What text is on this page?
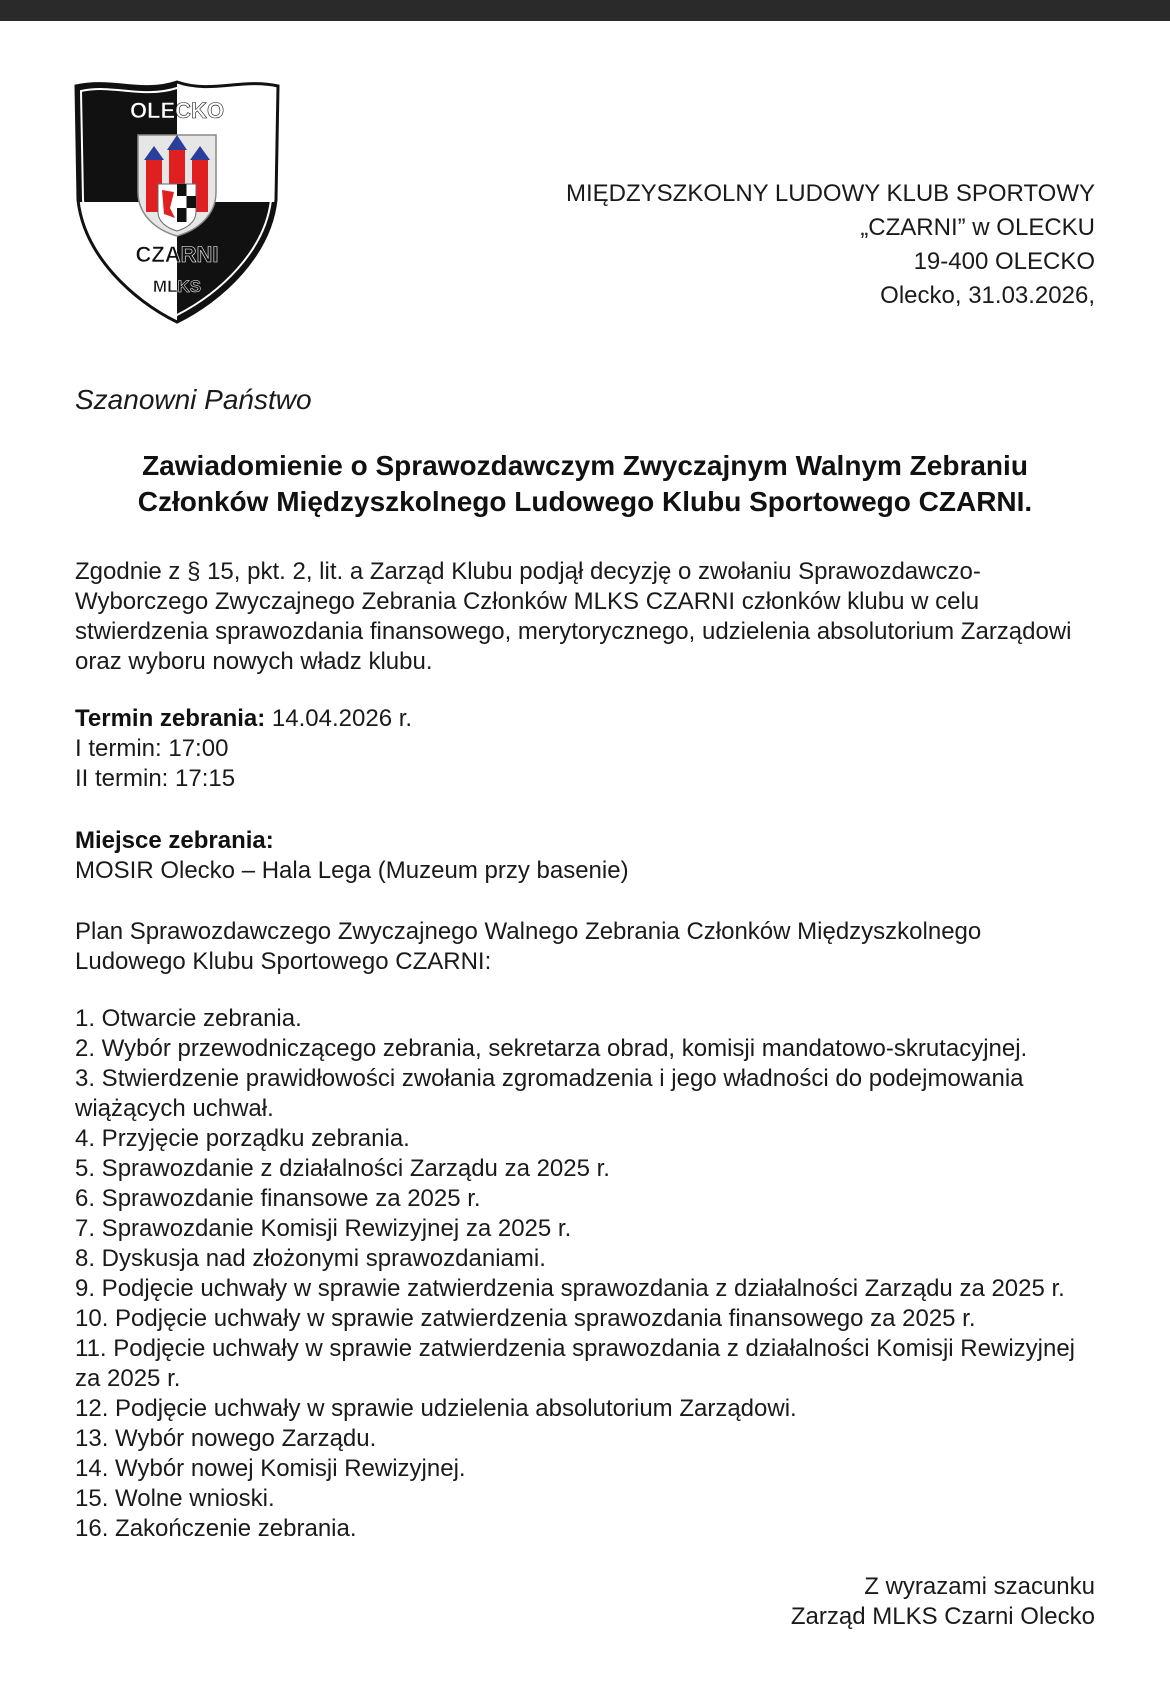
OLECKO
CZARNI
MLKS
MIĘDZYSZKOLNY LUDOWY KLUB SPORTOWY
„CZARNI” w OLECKU
19-400 OLECKO
Olecko, 31.03.2026,
Szanowni Państwo
Zawiadomienie o Sprawozdawczym Zwyczajnym Walnym Zebraniu
Członków Międzyszkolnego Ludowego Klubu Sportowego CZARNI.
Zgodnie z § 15, pkt. 2, lit. a Zarząd Klubu podjął decyzję o zwołaniu Sprawozdawczo-
Wyborczego Zwyczajnego Zebrania Członków MLKS CZARNI członków klubu w celu
stwierdzenia sprawozdania finansowego, merytorycznego, udzielenia absolutorium Zarządowi
oraz wyboru nowych władz klubu.
Termin zebrania: 14.04.2026 r.
I termin: 17:00
II termin: 17:15
Miejsce zebrania:
MOSIR Olecko – Hala Lega (Muzeum przy basenie)
Plan Sprawozdawczego Zwyczajnego Walnego Zebrania Członków Międzyszkolnego
Ludowego Klubu Sportowego CZARNI:
1. Otwarcie zebrania.
2. Wybór przewodniczącego zebrania, sekretarza obrad, komisji mandatowo-skrutacyjnej.
3. Stwierdzenie prawidłowości zwołania zgromadzenia i jego władności do podejmowania
wiążących uchwał.
4. Przyjęcie porządku zebrania.
5. Sprawozdanie z działalności Zarządu za 2025 r.
6. Sprawozdanie finansowe za 2025 r.
7. Sprawozdanie Komisji Rewizyjnej za 2025 r.
8. Dyskusja nad złożonymi sprawozdaniami.
9. Podjęcie uchwały w sprawie zatwierdzenia sprawozdania z działalności Zarządu za 2025 r.
10. Podjęcie uchwały w sprawie zatwierdzenia sprawozdania finansowego za 2025 r.
11. Podjęcie uchwały w sprawie zatwierdzenia sprawozdania z działalności Komisji Rewizyjnej
za 2025 r.
12. Podjęcie uchwały w sprawie udzielenia absolutorium Zarządowi.
13. Wybór nowego Zarządu.
14. Wybór nowej Komisji Rewizyjnej.
15. Wolne wnioski.
16. Zakończenie zebrania.
Z wyrazami szacunku
Zarząd MLKS Czarni Olecko
